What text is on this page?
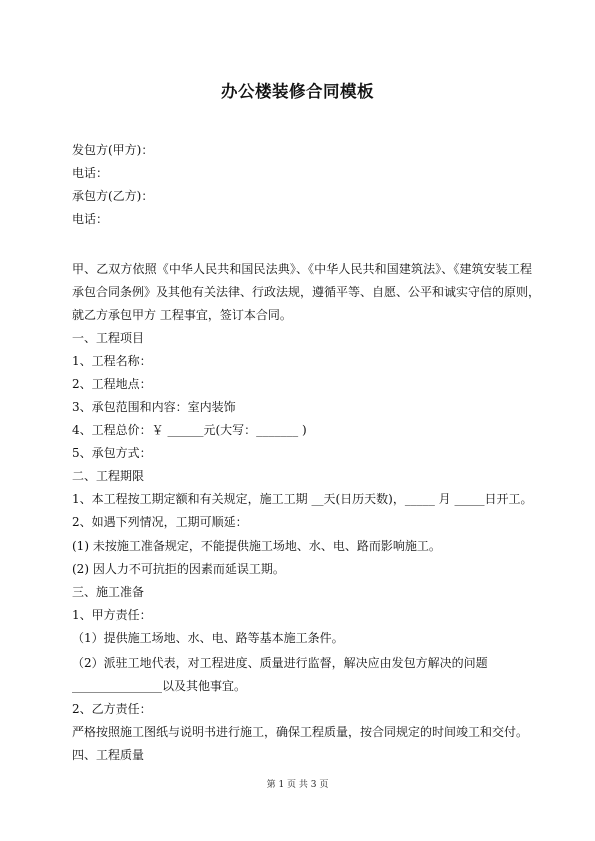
办公楼装修合同模板
发包方(甲方)：
电话：
承包方(乙方)：
电话：
甲、乙双方依照《中华人民共和国民法典》、《中华人民共和国建筑法》、《建筑安装工程
承包合同条例》及其他有关法律、行政法规，遵循平等、自愿、公平和诚实守信的原则，
就乙方承包甲方 工程事宜，签订本合同。
一、工程项目
1、工程名称：
2、工程地点：
3、承包范围和内容：室内装饰
4、工程总价：￥ ______元(大写：_______ )
5、承包方式：
二、工程期限
1、本工程按工期定额和有关规定，施工工期 __天(日历天数)，_____ 月 _____日开工。
2、如遇下列情况，工期可顺延：
(1) 未按施工准备规定，不能提供施工场地、水、电、路而影响施工。
(2) 因人力不可抗拒的因素而延误工期。
三、施工准备
1、甲方责任：
（1）提供施工场地、水、电、路等基本施工条件。
（2）派驻工地代表，对工程进度、质量进行监督，解决应由发包方解决的问题
_______________以及其他事宜。
2、乙方责任：
严格按照施工图纸与说明书进行施工，确保工程质量，按合同规定的时间竣工和交付。
四、工程质量
第 1 页 共 3 页
